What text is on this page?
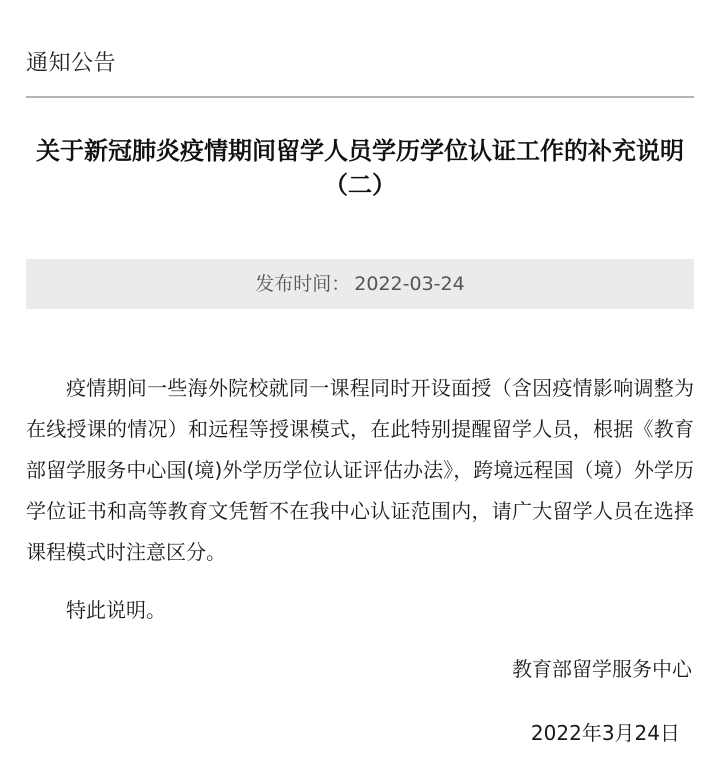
通知公告
关于新冠肺炎疫情期间留学人员学历学位认证工作的补充说明（二）
发布时间： 2022-03-24

疫情期间一些海外院校就同一课程同时开设面授（含因疫情影响调整为在线授课的情况）和远程等授课模式，在此特别提醒留学人员，根据《教育部留学服务中心国(境)外学历学位认证评估办法》，跨境远程国（境）外学历学位证书和高等教育文凭暂不在我中心认证范围内，请广大留学人员在选择课程模式时注意区分。

特此说明。
教育部留学服务中心
2022年3月24日
